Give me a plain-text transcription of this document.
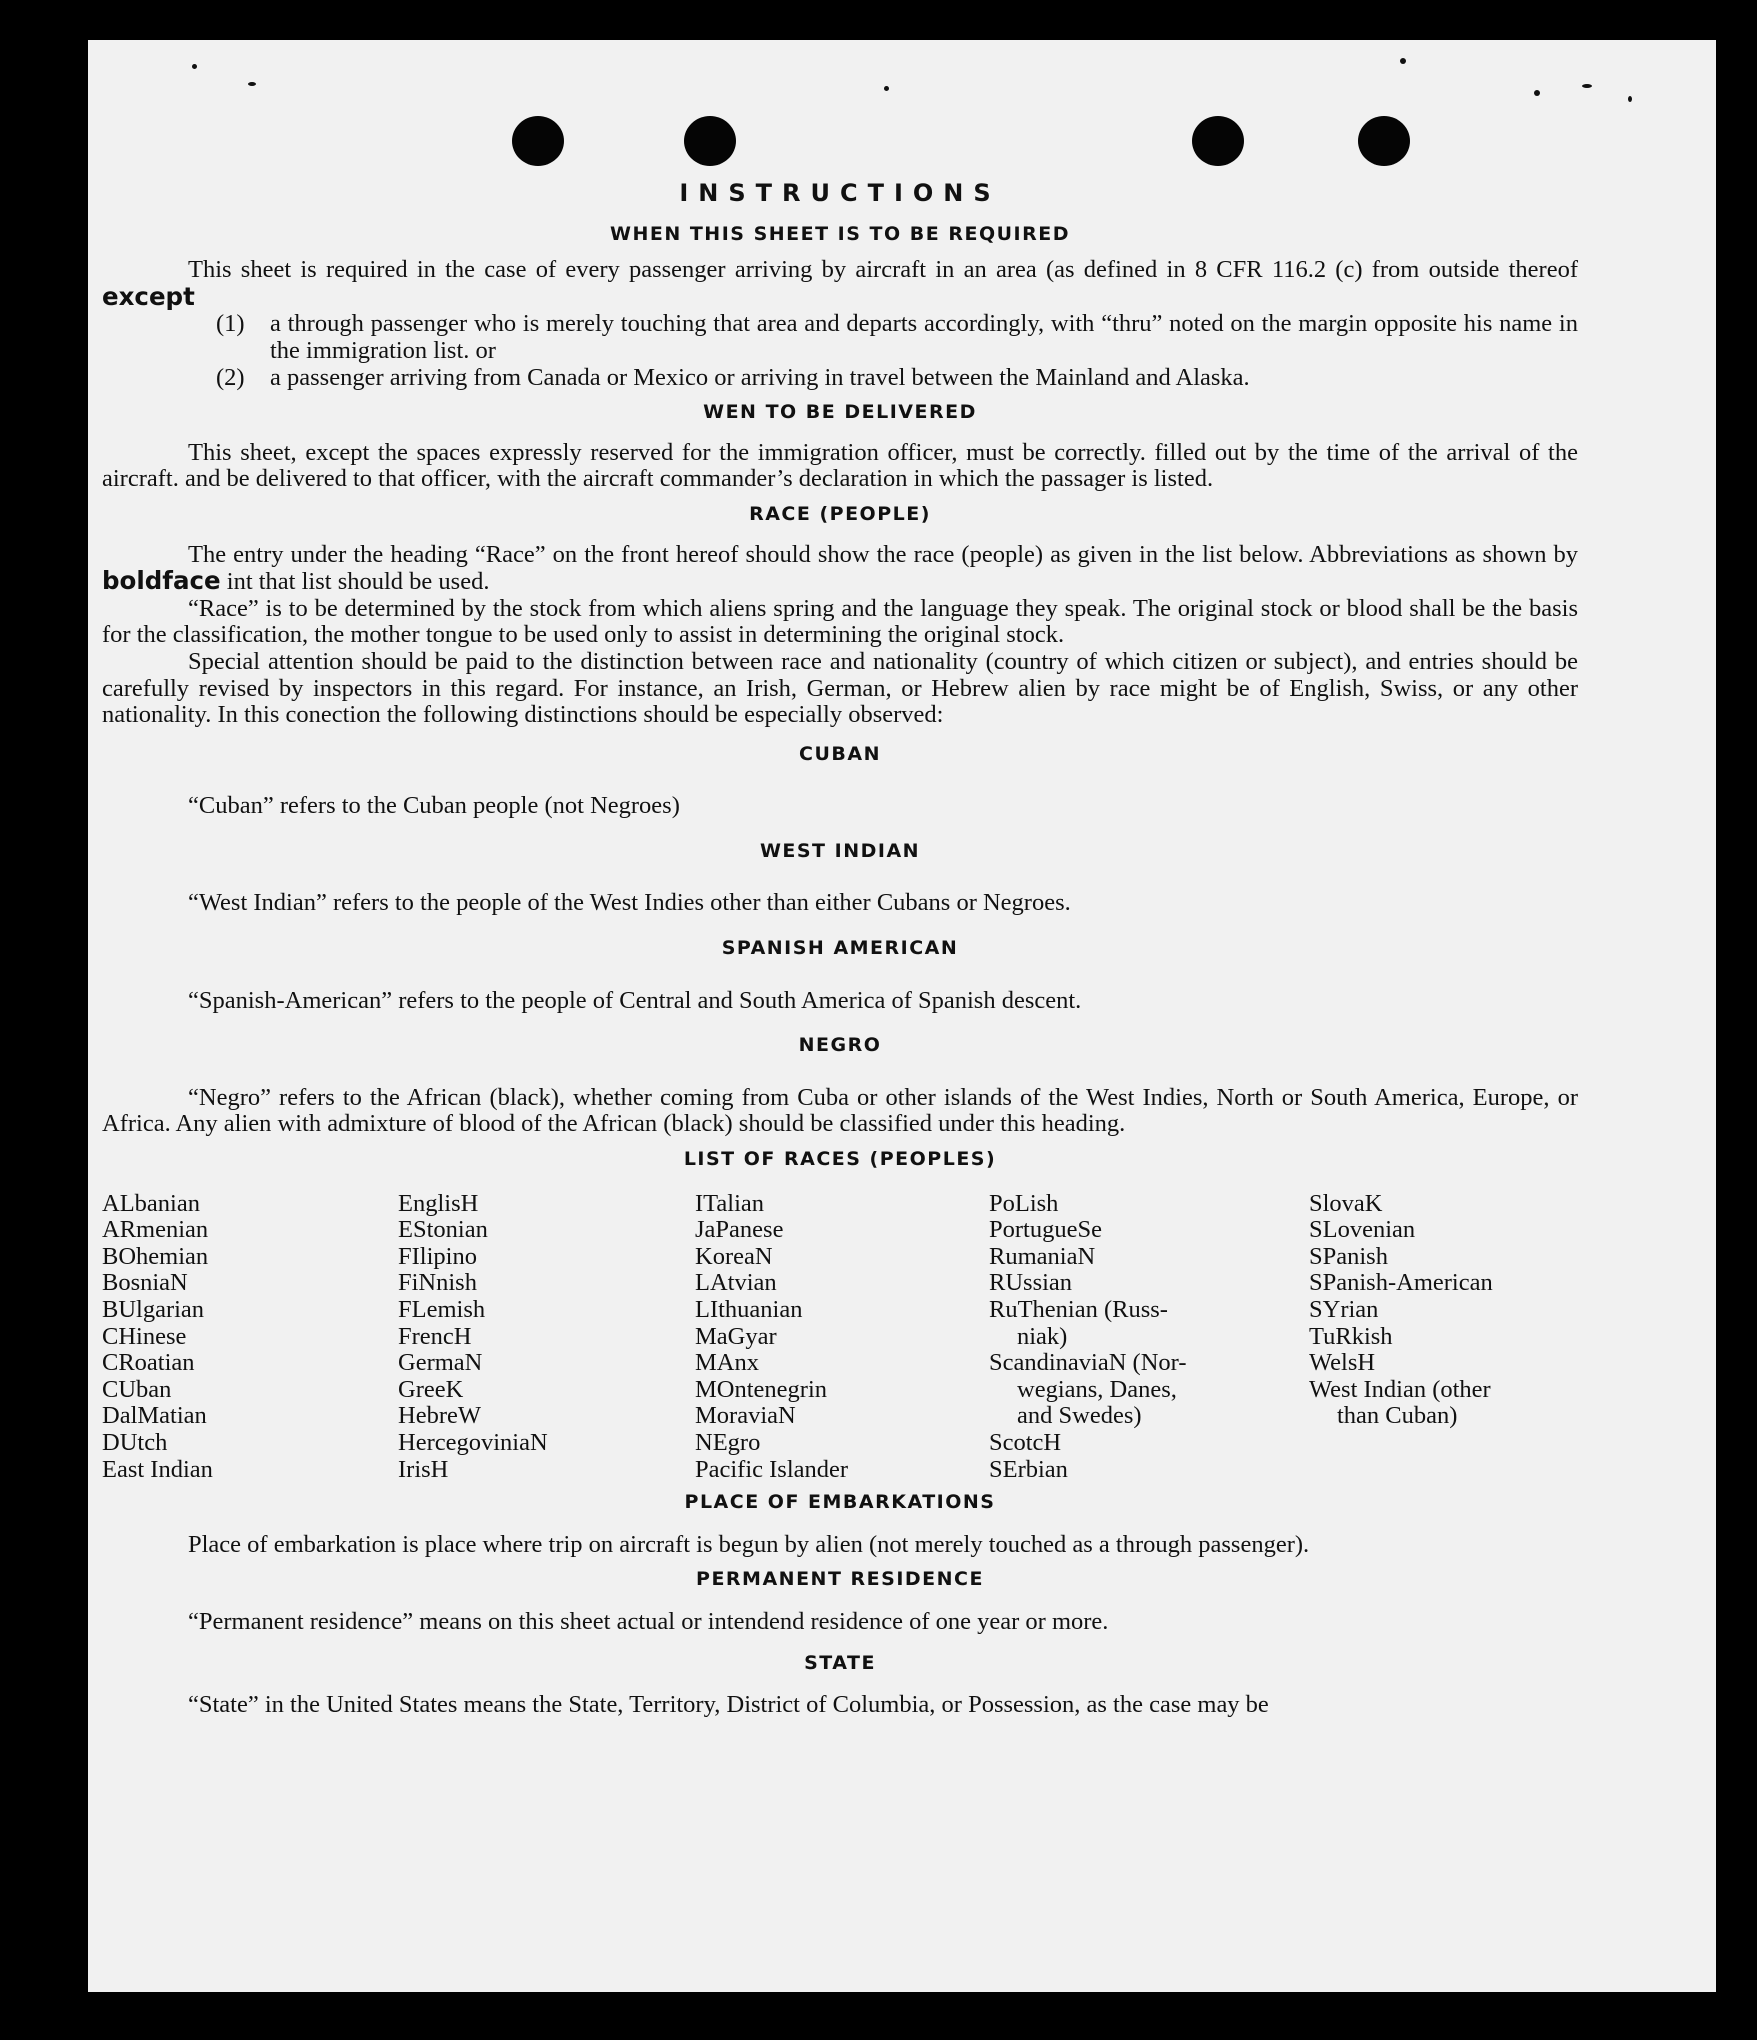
INSTRUCTIONS
WHEN THIS SHEET IS TO BE REQUIRED

This sheet is required in the case of every passenger arriving by aircraft in an area (as defined in 8 CFR 116.2 (c) from outside thereof except

(1)	a through passenger who is merely touching that area and departs accordingly, with “thru” noted on the margin opposite his name in the immigration list. or
(2)	a passenger arriving from Canada or Mexico or arriving in travel between the Mainland and Alaska.
WEN TO BE DELIVERED

This sheet, except the spaces expressly reserved for the immigration officer, must be correctly. filled out by the time of the arrival of the aircraft. and be delivered to that officer, with the aircraft commander’s declaration in which the passager is listed.

RACE (PEOPLE)

The entry under the heading “Race” on the front hereof should show the race (people) as given in the list below. Abbreviations as shown by boldface int that list should be used.

“Race” is to be determined by the stock from which aliens spring and the language they speak. The original stock or blood shall be the basis for the classification, the mother tongue to be used only to assist in determining the original stock.

Special attention should be paid to the distinction between race and nationality (country of which citizen or subject), and entries should be carefully revised by inspectors in this regard. For instance, an Irish, German, or Hebrew alien by race might be of English, Swiss, or any other nationality. In this conection the following distinctions should be especially observed:

CUBAN

“Cuban” refers to the Cuban people (not Negroes)

WEST INDIAN

“West Indian” refers to the people of the West Indies other than either Cubans or Negroes.

SPANISH AMERICAN

“Spanish-American” refers to the people of Central and South America of Spanish descent.

NEGRO

“Negro” refers to the African (black), whether coming from Cuba or other islands of the West Indies, North or South America, Europe, or Africa. Any alien with admixture of blood of the African (black) should be classified under this heading.

LIST OF RACES (PEOPLES)
ALbanian
ARmenian
BOhemian
BosniaN
BUlgarian
CHinese
CRoatian
CUban
DalMatian
DUtch
East Indian
EnglisH
EStonian
FIlipino
FiNnish
FLemish
FrencH
GermaN
GreeK
HebreW
HercegoviniaN
IrisH
ITalian
JaPanese
KoreaN
LAtvian
LIthuanian
MaGyar
MAnx
MOntenegrin
MoraviaN
NEgro
Pacific Islander
PoLish
PortugueSe
RumaniaN
RUssian
RuThenian (Russ-
niak)
ScandinaviaN (Nor-
wegians, Danes,
and Swedes)
ScotcH
SErbian
SlovaK
SLovenian
SPanish
SPanish-American
SYrian
TuRkish
WelsH
West Indian (other
than Cuban)
PLACE OF EMBARKATIONS

Place of embarkation is place where trip on aircraft is begun by alien (not merely touched as a through passenger).

PERMANENT RESIDENCE

“Permanent residence” means on this sheet actual or intendend residence of one year or more.

STATE

“State” in the United States means the State, Territory, District of Columbia, or Possession, as the case may be
